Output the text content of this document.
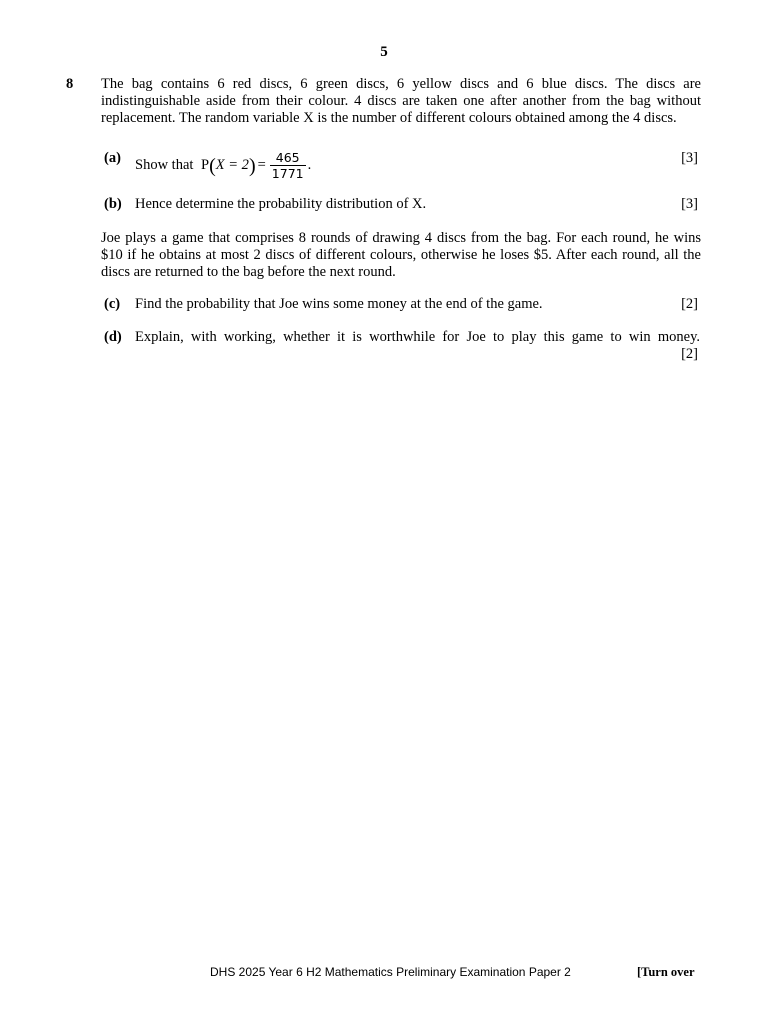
5
8 The bag contains 6 red discs, 6 green discs, 6 yellow discs and 6 blue discs. The discs are indistinguishable aside from their colour. 4 discs are taken one after another from the bag without replacement. The random variable X is the number of different colours obtained among the 4 discs.
(a) Show that P ( X = 2 ) = $\frac{465}{1771}$ .	[3]
(b) Hence determine the probability distribution of X.	[3]
Joe plays a game that comprises 8 rounds of drawing 4 discs from the bag. For each round, he wins $10 if he obtains at most 2 discs of different colours, otherwise he loses $5. After each round, all the discs are returned to the bag before the next round.
(c) Find the probability that Joe wins some money at the end of the game.	[2]
(d) Explain, with working, whether it is worthwhile for Joe to play this game to win money.
[2]
DHS 2025 Year 6 H2 Mathematics Preliminary Examination Paper 2	[Turn over
